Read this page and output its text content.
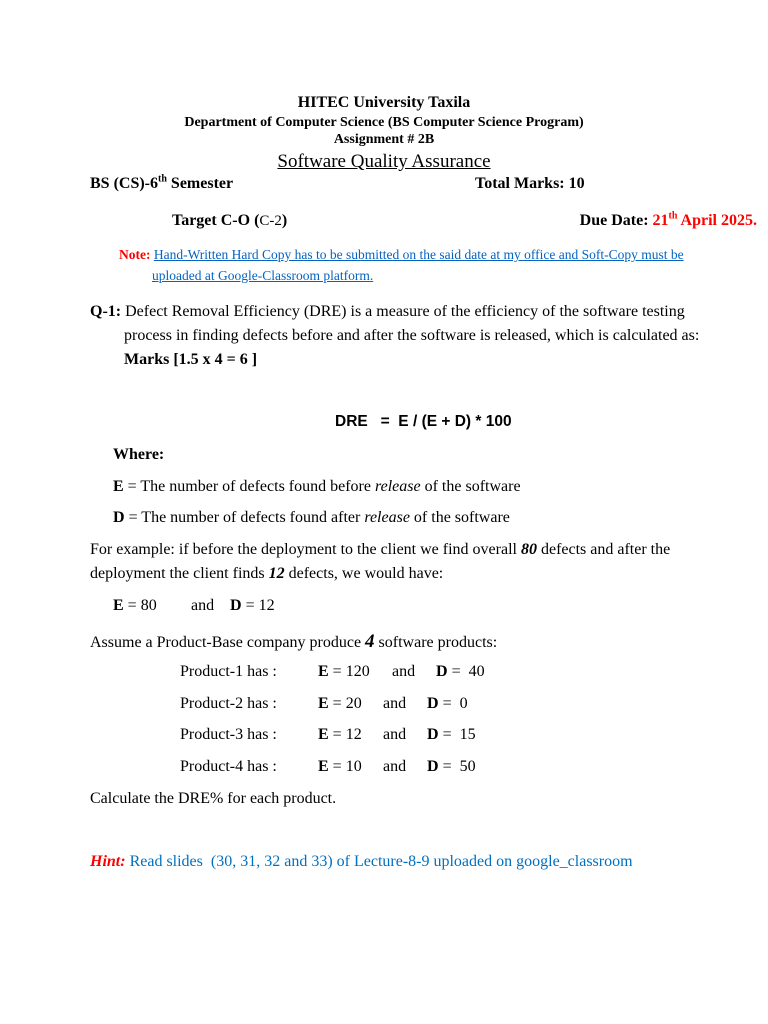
HITEC University Taxila
Department of Computer Science (BS Computer Science Program)
Assignment # 2B
Software Quality Assurance
BS (CS)-6th Semester	Total Marks: 10
Target C-O (C-2)	Due Date: 21th April 2025.
Note: Hand-Written Hard Copy has to be submitted on the said date at my office and Soft-Copy must be
uploaded at Google-Classroom platform.
Q-1: Defect Removal Efficiency (DRE) is a measure of the efficiency of the software testing
process in finding defects before and after the software is released, which is calculated as:
Marks [1.5 x 4 = 6 ]
DRE   =  E / (E + D) * 100
Where:
E = The number of defects found before release of the software
D = The number of defects found after release of the software
For example: if before the deployment to the client we find overall 80 defects and after the
deployment the client finds 12 defects, we would have:
E = 80 and D = 12
Assume a Product-Base company produce 4 software products:
Product-1 has :	E = 120 and D =  40
Product-2 has :	E = 20 and D =  0
Product-3 has :	E = 12 and D =  15
Product-4 has :	E = 10 and D =  50
Calculate the DRE% for each product.
Hint: Read slides  (30, 31, 32 and 33) of Lecture-8-9 uploaded on google_classroom
